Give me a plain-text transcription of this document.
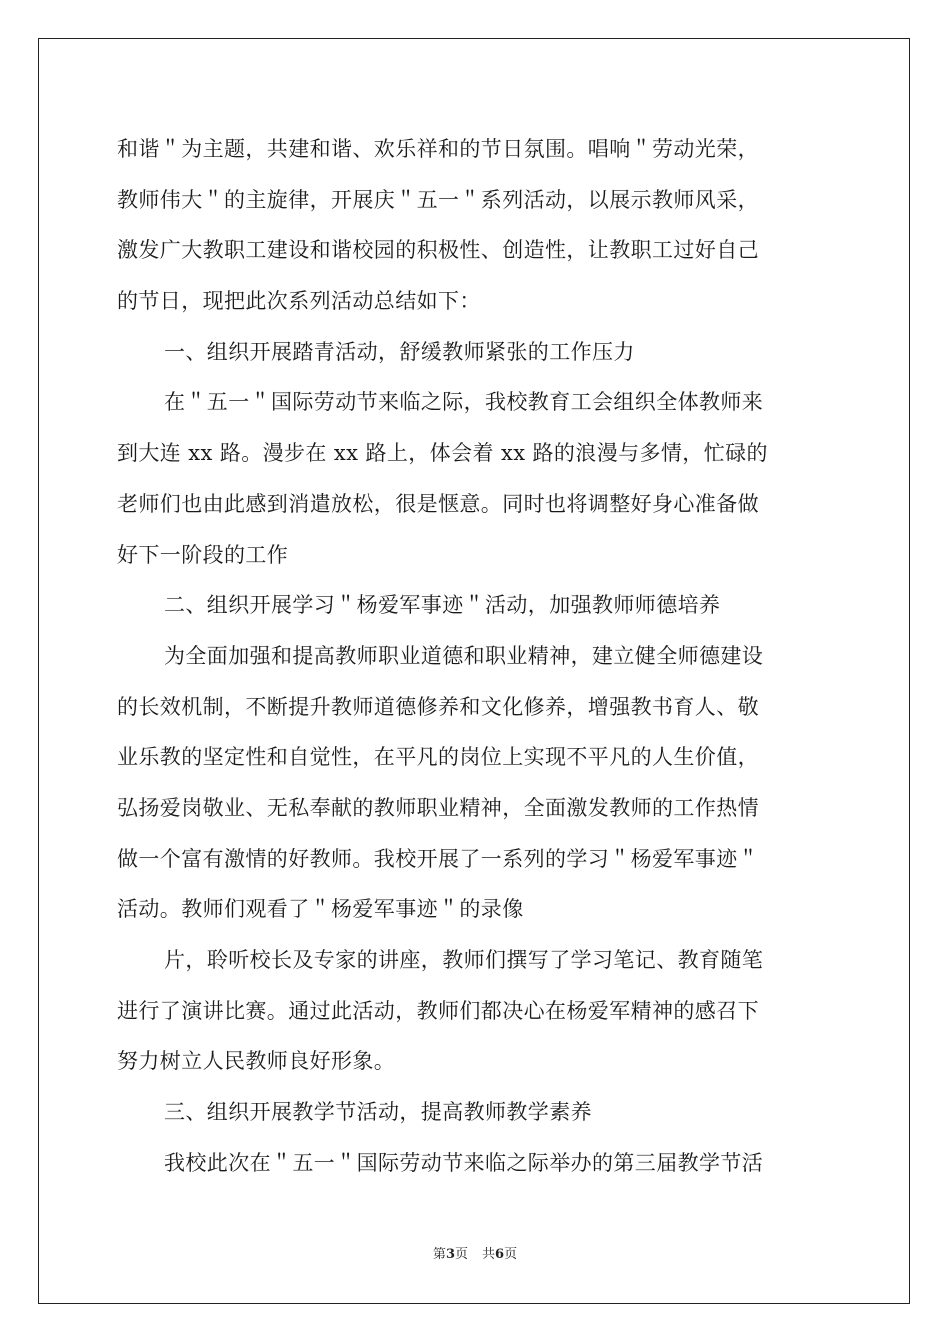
和谐＂为主题，共建和谐、欢乐祥和的节日氛围。唱响＂劳动光荣，
教师伟大＂的主旋律，开展庆＂五一＂系列活动，以展示教师风采，
激发广大教职工建设和谐校园的积极性、创造性，让教职工过好自己
的节日，现把此次系列活动总结如下：
一、组织开展踏青活动，舒缓教师紧张的工作压力
在＂五一＂国际劳动节来临之际，我校教育工会组织全体教师来
到大连 xx 路。漫步在 xx 路上，体会着 xx 路的浪漫与多情，忙碌的
老师们也由此感到消遣放松，很是惬意。同时也将调整好身心准备做
好下一阶段的工作
二、组织开展学习＂杨爱军事迹＂活动，加强教师师德培养
为全面加强和提高教师职业道德和职业精神，建立健全师德建设
的长效机制，不断提升教师道德修养和文化修养，增强教书育人、敬
业乐教的坚定性和自觉性，在平凡的岗位上实现不平凡的人生价值，
弘扬爱岗敬业、无私奉献的教师职业精神，全面激发教师的工作热情
做一个富有激情的好教师。我校开展了一系列的学习＂杨爱军事迹＂
活动。教师们观看了＂杨爱军事迹＂的录像
片，聆听校长及专家的讲座，教师们撰写了学习笔记、教育随笔
进行了演讲比赛。通过此活动，教师们都决心在杨爱军精神的感召下
努力树立人民教师良好形象。
三、组织开展教学节活动，提高教师教学素养
我校此次在＂五一＂国际劳动节来临之际举办的第三届教学节活
第3页 共6页
